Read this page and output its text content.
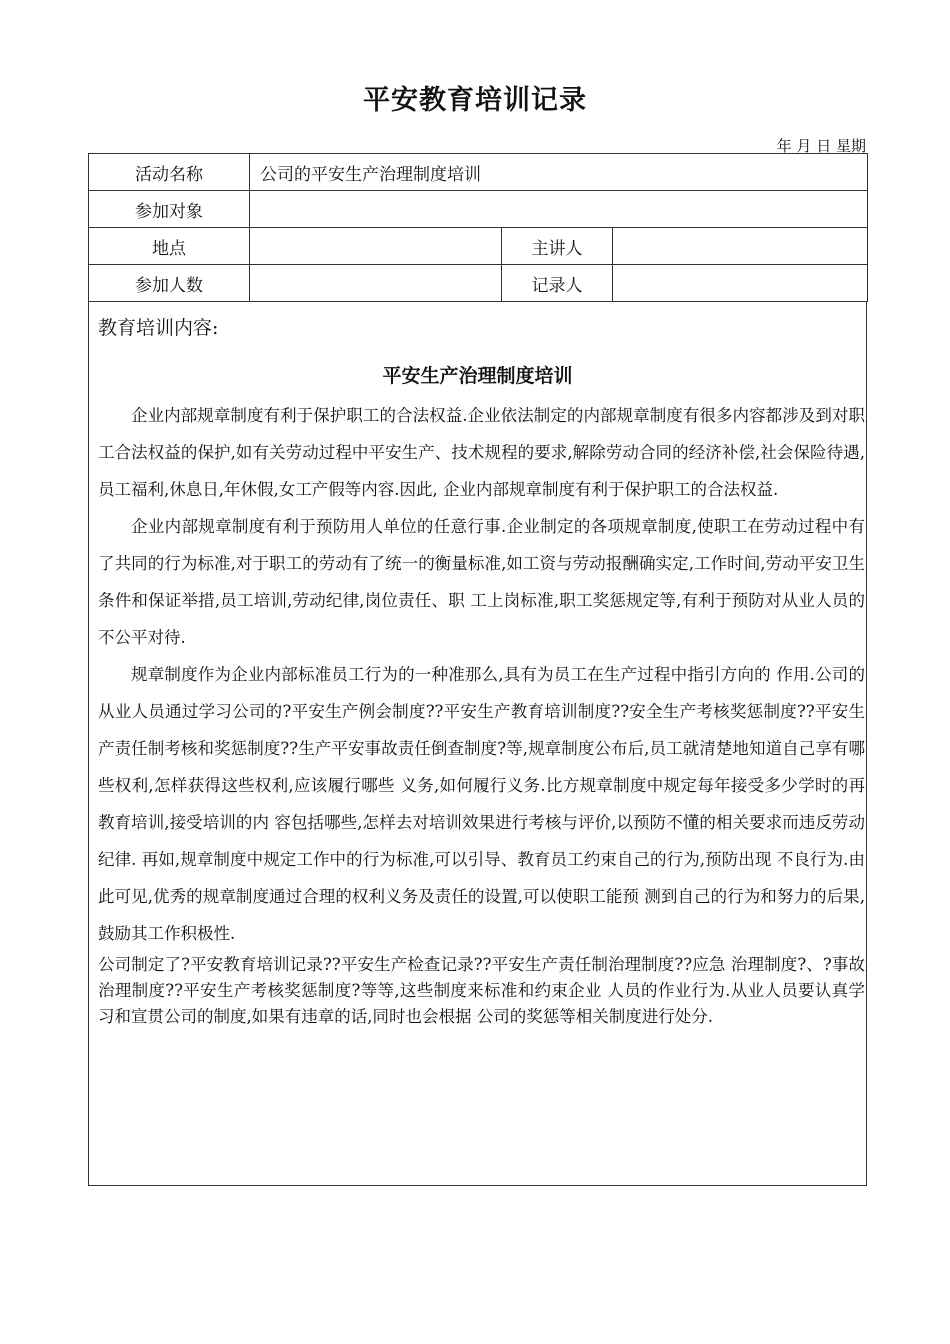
平安教育培训记录
年 月 日 星期
活动名称	公司的平安生产治理制度培训		
参加对象			
地点		主讲人	
参加人数		记录人	
教育培训内容:
平安生产治理制度培训

企业内部规章制度有利于保护职工的合法权益.企业依法制定的内部规章制度有很多内容都涉及到对职工合法权益的保护,如有关劳动过程中平安生产、技术规程的要求,解除劳动合同的经济补偿,社会保险待遇,员工福利,休息日,年休假,女工产假等内容.因此, 企业内部规章制度有利于保护职工的合法权益.

企业内部规章制度有利于预防用人单位的任意行事.企业制定的各项规章制度,使职工在劳动过程中有了共同的行为标准,对于职工的劳动有了统一的衡量标准,如工资与劳动报酬确实定,工作时间,劳动平安卫生条件和保证举措,员工培训,劳动纪律,岗位责任、职 工上岗标准,职工奖惩规定等,有利于预防对从业人员的不公平对待.

规章制度作为企业内部标准员工行为的一种准那么,具有为员工在生产过程中指引方向的 作用.公司的从业人员通过学习公司的?平安生产例会制度??平安生产教育培训制度??安全生产考核奖惩制度??平安生产责任制考核和奖惩制度??生产平安事故责任倒查制度?等,规章制度公布后,员工就清楚地知道自己享有哪些权利,怎样获得这些权利,应该履行哪些 义务,如何履行义务.比方规章制度中规定每年接受多少学时的再教育培训,接受培训的内 容包括哪些,怎样去对培训效果进行考核与评价,以预防不懂的相关要求而违反劳动纪律. 再如,规章制度中规定工作中的行为标准,可以引导、教育员工约束自己的行为,预防出现 不良行为.由此可见,优秀的规章制度通过合理的权利义务及责任的设置,可以使职工能预 测到自己的行为和努力的后果,鼓励其工作积极性.

公司制定了?平安教育培训记录??平安生产检查记录??平安生产责任制治理制度??应急 治理制度?、?事故治理制度??平安生产考核奖惩制度?等等,这些制度来标准和约束企业 人员的作业行为.从业人员要认真学习和宣贯公司的制度,如果有违章的话,同时也会根据 公司的奖惩等相关制度进行处分.
